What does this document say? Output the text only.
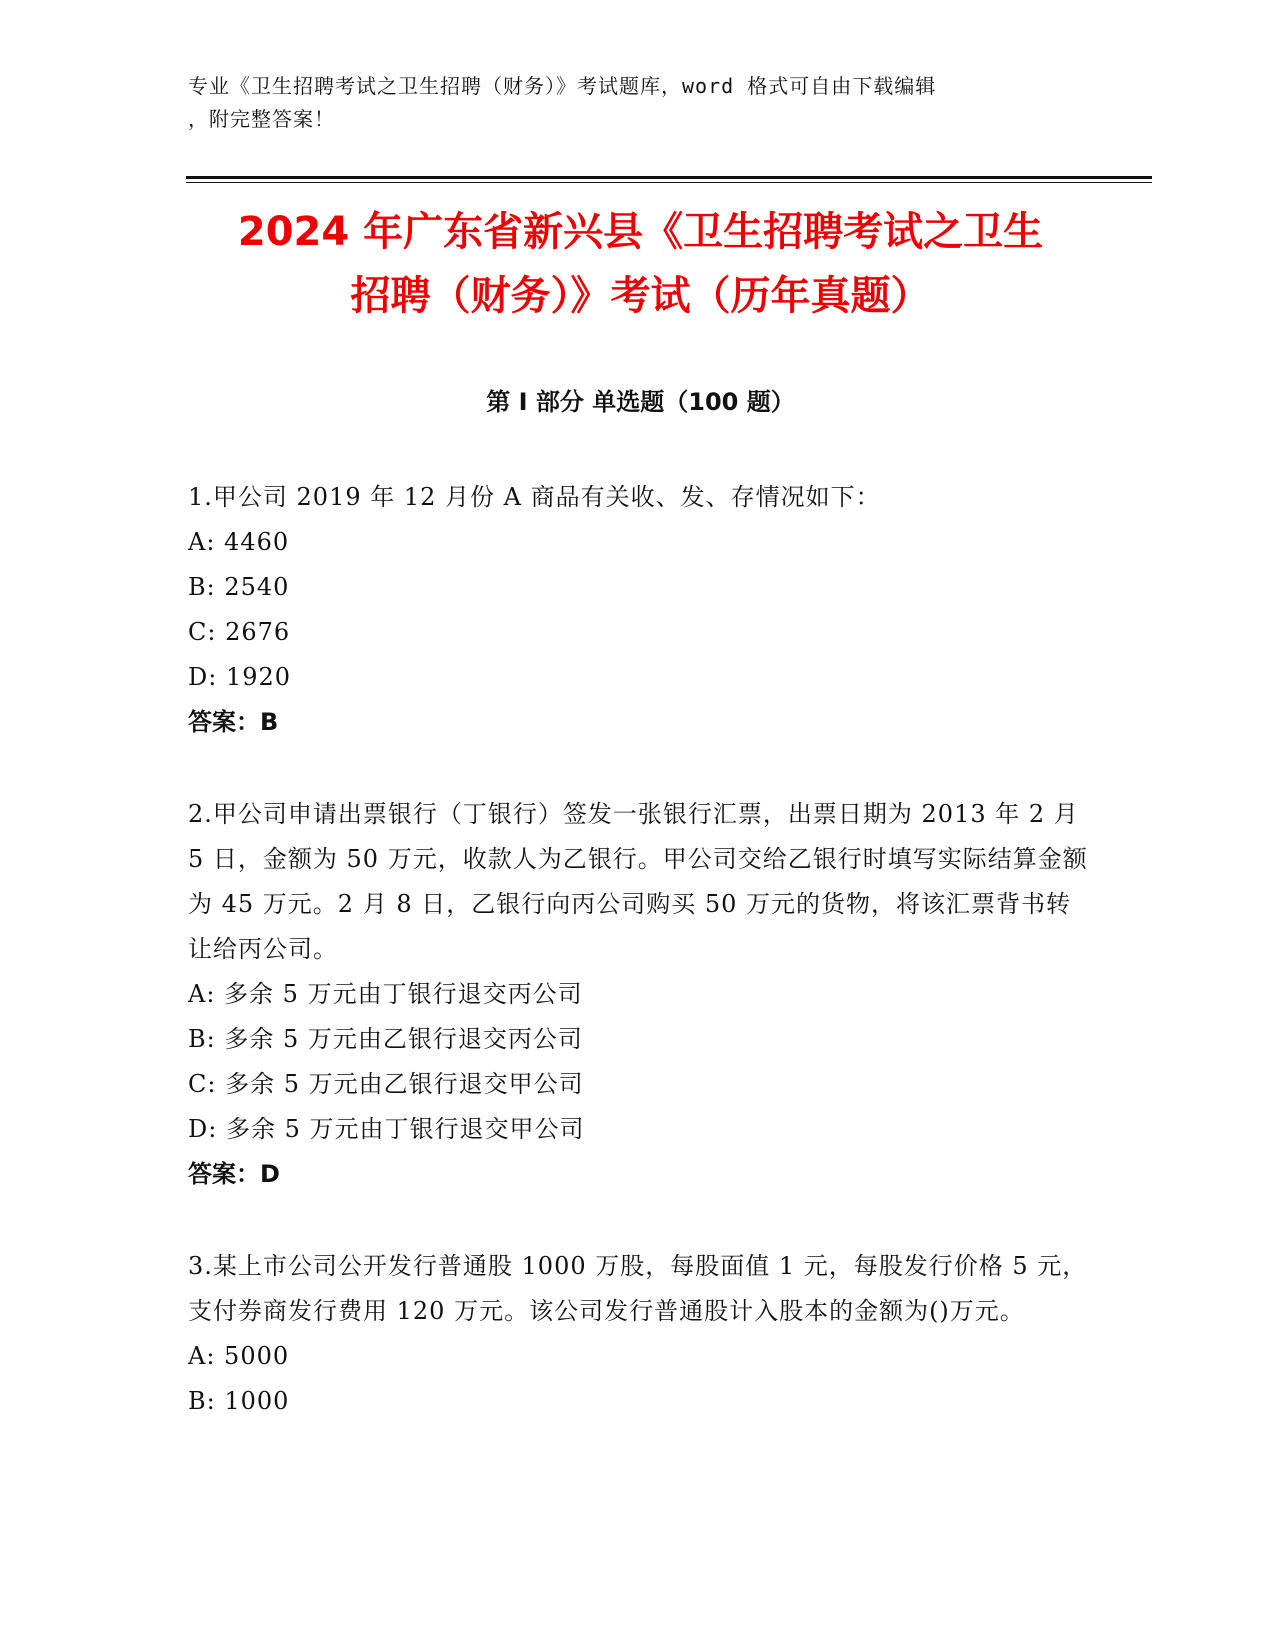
专业《卫生招聘考试之卫生招聘（财务）》考试题库，word 格式可自由下载编辑
，附完整答案！
2024 年广东省新兴县《卫生招聘考试之卫生
招聘（财务）》考试（历年真题）
第 I 部分 单选题（100 题）
1.甲公司 2019 年 12 月份 A 商品有关收、发、存情况如下：
A: 4460
B: 2540
C: 2676
D: 1920
答案：B
2.甲公司申请出票银行（丁银行）签发一张银行汇票，出票日期为 2013 年 2 月 5 日，金额为 50 万元，收款人为乙银行。甲公司交给乙银行时填写实际结算金额为 45 万元。2 月 8 日，乙银行向丙公司购买 50 万元的货物，将该汇票背书转让给丙公司。
A: 多余 5 万元由丁银行退交丙公司
B: 多余 5 万元由乙银行退交丙公司
C: 多余 5 万元由乙银行退交甲公司
D: 多余 5 万元由丁银行退交甲公司
答案：D
3.某上市公司公开发行普通股 1000 万股，每股面值 1 元，每股发行价格 5 元，支付券商发行费用 120 万元。该公司发行普通股计入股本的金额为()万元。
A: 5000
B: 1000
